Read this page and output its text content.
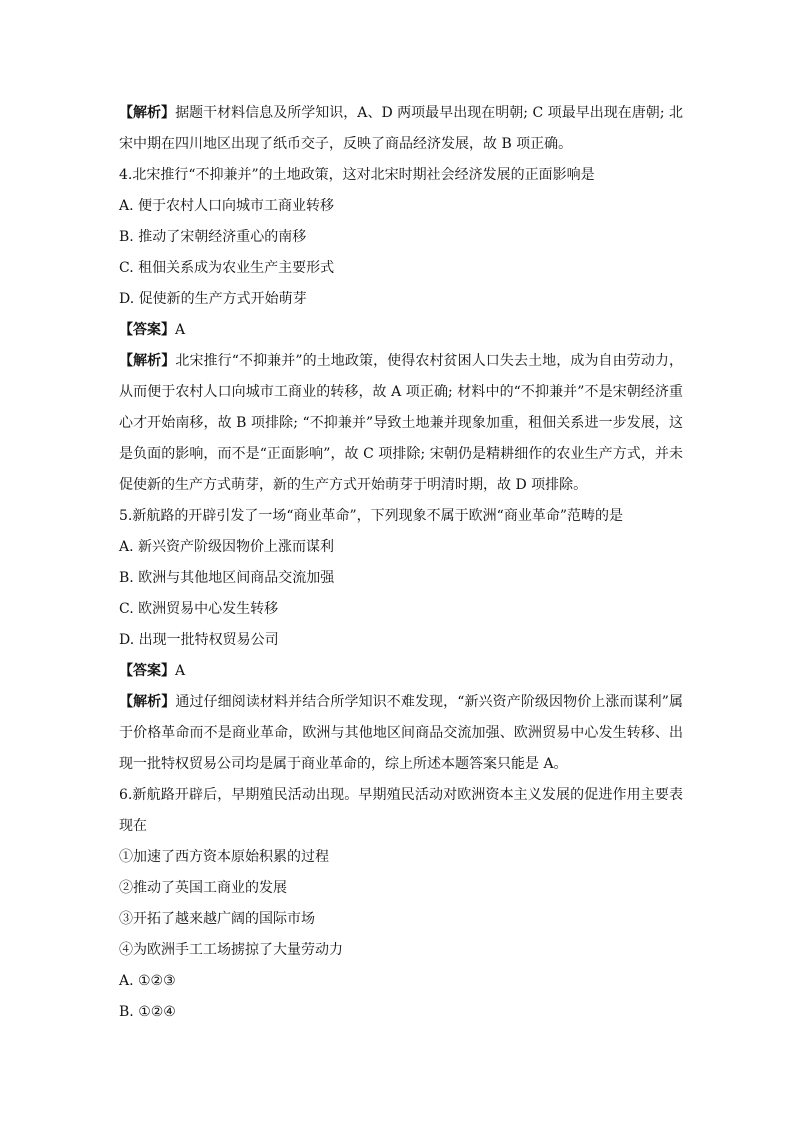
【解析】据题干材料信息及所学知识，A、D 两项最早出现在明朝; C 项最早出现在唐朝; 北宋中期在四川地区出现了纸币交子，反映了商品经济发展，故 B 项正确。

4.北宋推行“不抑兼并”的土地政策，这对北宋时期社会经济发展的正面影响是

A. 便于农村人口向城市工商业转移

B. 推动了宋朝经济重心的南移

C. 租佃关系成为农业生产主要形式

D. 促使新的生产方式开始萌芽

【答案】A

【解析】北宋推行“不抑兼并”的土地政策，使得农村贫困人口失去土地，成为自由劳动力，从而便于农村人口向城市工商业的转移，故 A 项正确; 材料中的“不抑兼并”不是宋朝经济重心才开始南移，故 B 项排除; “不抑兼并”导致土地兼并现象加重，租佃关系进一步发展，这是负面的影响，而不是“正面影响”，故 C 项排除; 宋朝仍是精耕细作的农业生产方式，并未促使新的生产方式萌芽，新的生产方式开始萌芽于明清时期，故 D 项排除。

5.新航路的开辟引发了一场“商业革命”，下列现象不属于欧洲“商业革命”范畴的是

A. 新兴资产阶级因物价上涨而谋利

B. 欧洲与其他地区间商品交流加强

C. 欧洲贸易中心发生转移

D. 出现一批特权贸易公司

【答案】A

【解析】通过仔细阅读材料并结合所学知识不难发现，“新兴资产阶级因物价上涨而谋利”属于价格革命而不是商业革命，欧洲与其他地区间商品交流加强、欧洲贸易中心发生转移、出现一批特权贸易公司均是属于商业革命的，综上所述本题答案只能是 A。

6.新航路开辟后，早期殖民活动出现。早期殖民活动对欧洲资本主义发展的促进作用主要表现在

①加速了西方资本原始积累的过程

②推动了英国工商业的发展

③开拓了越来越广阔的国际市场

④为欧洲手工工场掳掠了大量劳动力

A. ①②③

B. ①②④
